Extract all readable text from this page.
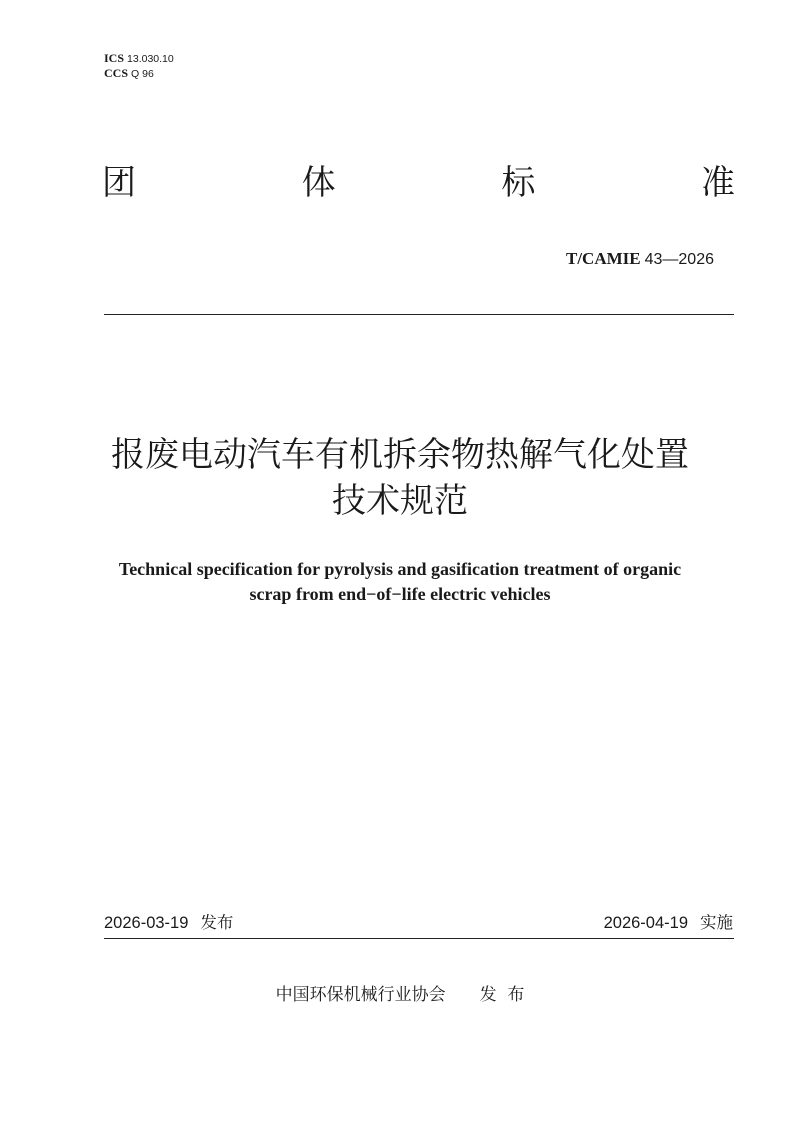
ICS 13.030.10
CCS Q 96
团	体	标	准
T/CAMIE 43—2026
报废电动汽车有机拆余物热解气化处置
技术规范
Technical specification for pyrolysis and gasification treatment of organic
scrap from end−of−life electric vehicles
2026-03-19 发布	2026-04-19 实施
中国环保机械行业协会 发  布
